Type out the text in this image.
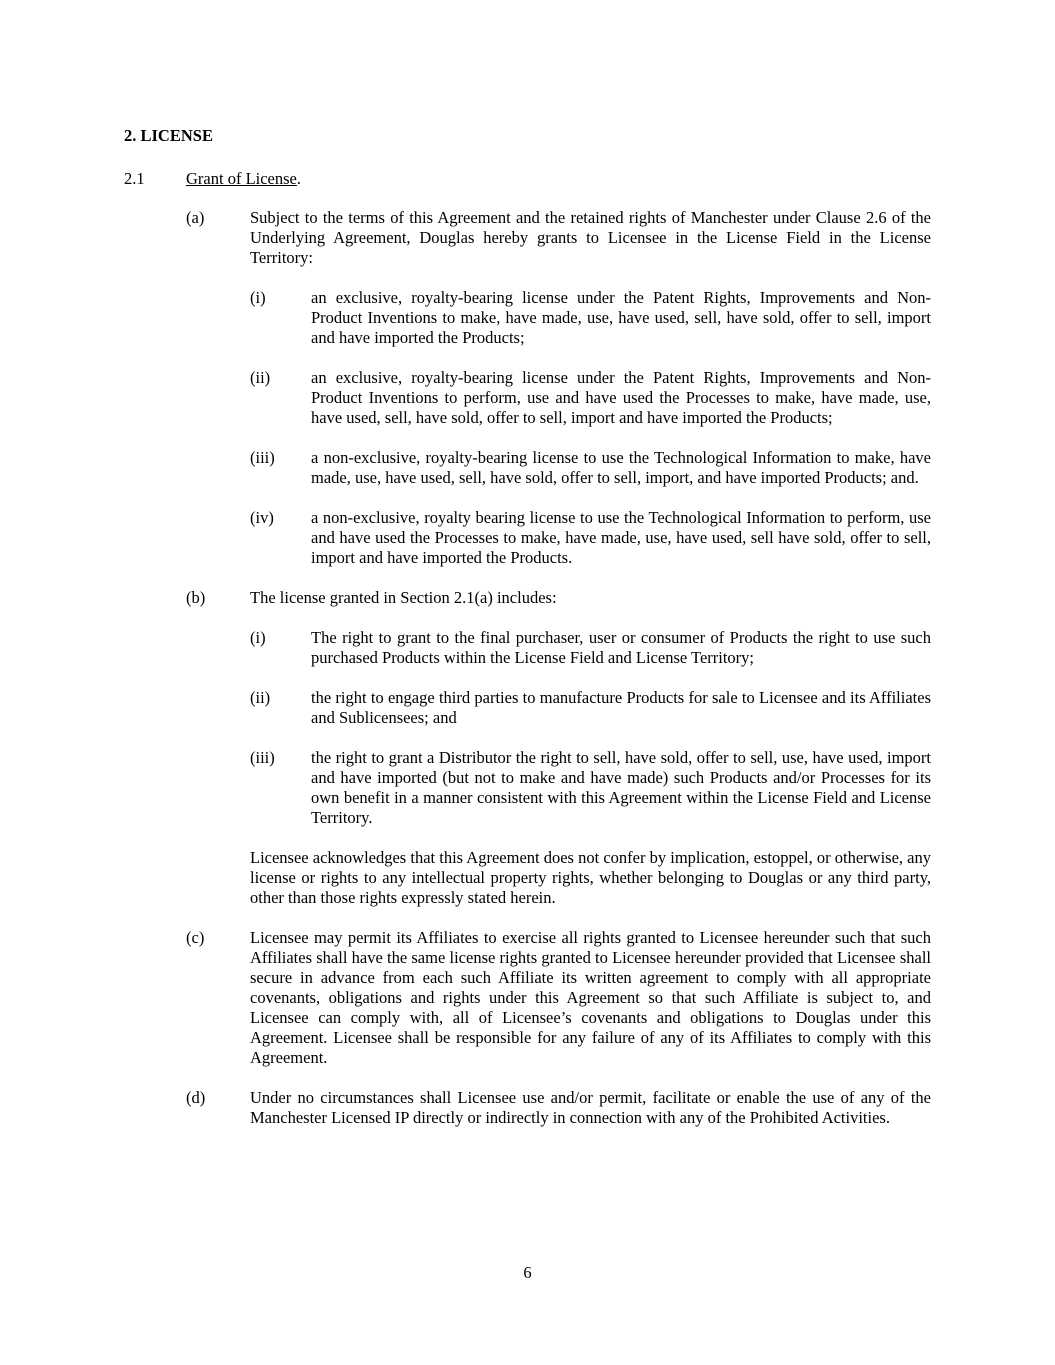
2. LICENSE
2.1	Grant of License.
(a)	Subject to the terms of this Agreement and the retained rights of Manchester under Clause 2.6 of the Underlying Agreement, Douglas hereby grants to Licensee in the License Field in the License Territory:
(i)	an exclusive, royalty-bearing license under the Patent Rights, Improvements and Non-Product Inventions to make, have made, use, have used, sell, have sold, offer to sell, import and have imported the Products;
(ii)	an exclusive, royalty-bearing license under the Patent Rights, Improvements and Non-Product Inventions to perform, use and have used the Processes to make, have made, use, have used, sell, have sold, offer to sell, import and have imported the Products;
(iii)	a non-exclusive, royalty-bearing license to use the Technological Information to make, have made, use, have used, sell, have sold, offer to sell, import, and have imported Products; and.
(iv)	a non-exclusive, royalty bearing license to use the Technological Information to perform, use and have used the Processes to make, have made, use, have used, sell have sold, offer to sell, import and have imported the Products.
(b)	The license granted in Section 2.1(a) includes:
(i)	The right to grant to the final purchaser, user or consumer of Products the right to use such purchased Products within the License Field and License Territory;
(ii)	the right to engage third parties to manufacture Products for sale to Licensee and its Affiliates and Sublicensees; and
(iii)	the right to grant a Distributor the right to sell, have sold, offer to sell, use, have used, import and have imported (but not to make and have made) such Products and/or Processes for its own benefit in a manner consistent with this Agreement within the License Field and License Territory.
Licensee acknowledges that this Agreement does not confer by implication, estoppel, or otherwise, any license or rights to any intellectual property rights, whether belonging to Douglas or any third party, other than those rights expressly stated herein.
(c)	Licensee may permit its Affiliates to exercise all rights granted to Licensee hereunder such that such Affiliates shall have the same license rights granted to Licensee hereunder provided that Licensee shall secure in advance from each such Affiliate its written agreement to comply with all appropriate covenants, obligations and rights under this Agreement so that such Affiliate is subject to, and Licensee can comply with, all of Licensee’s covenants and obligations to Douglas under this Agreement. Licensee shall be responsible for any failure of any of its Affiliates to comply with this Agreement.
(d)	Under no circumstances shall Licensee use and/or permit, facilitate or enable the use of any of the Manchester Licensed IP directly or indirectly in connection with any of the Prohibited Activities.
6
